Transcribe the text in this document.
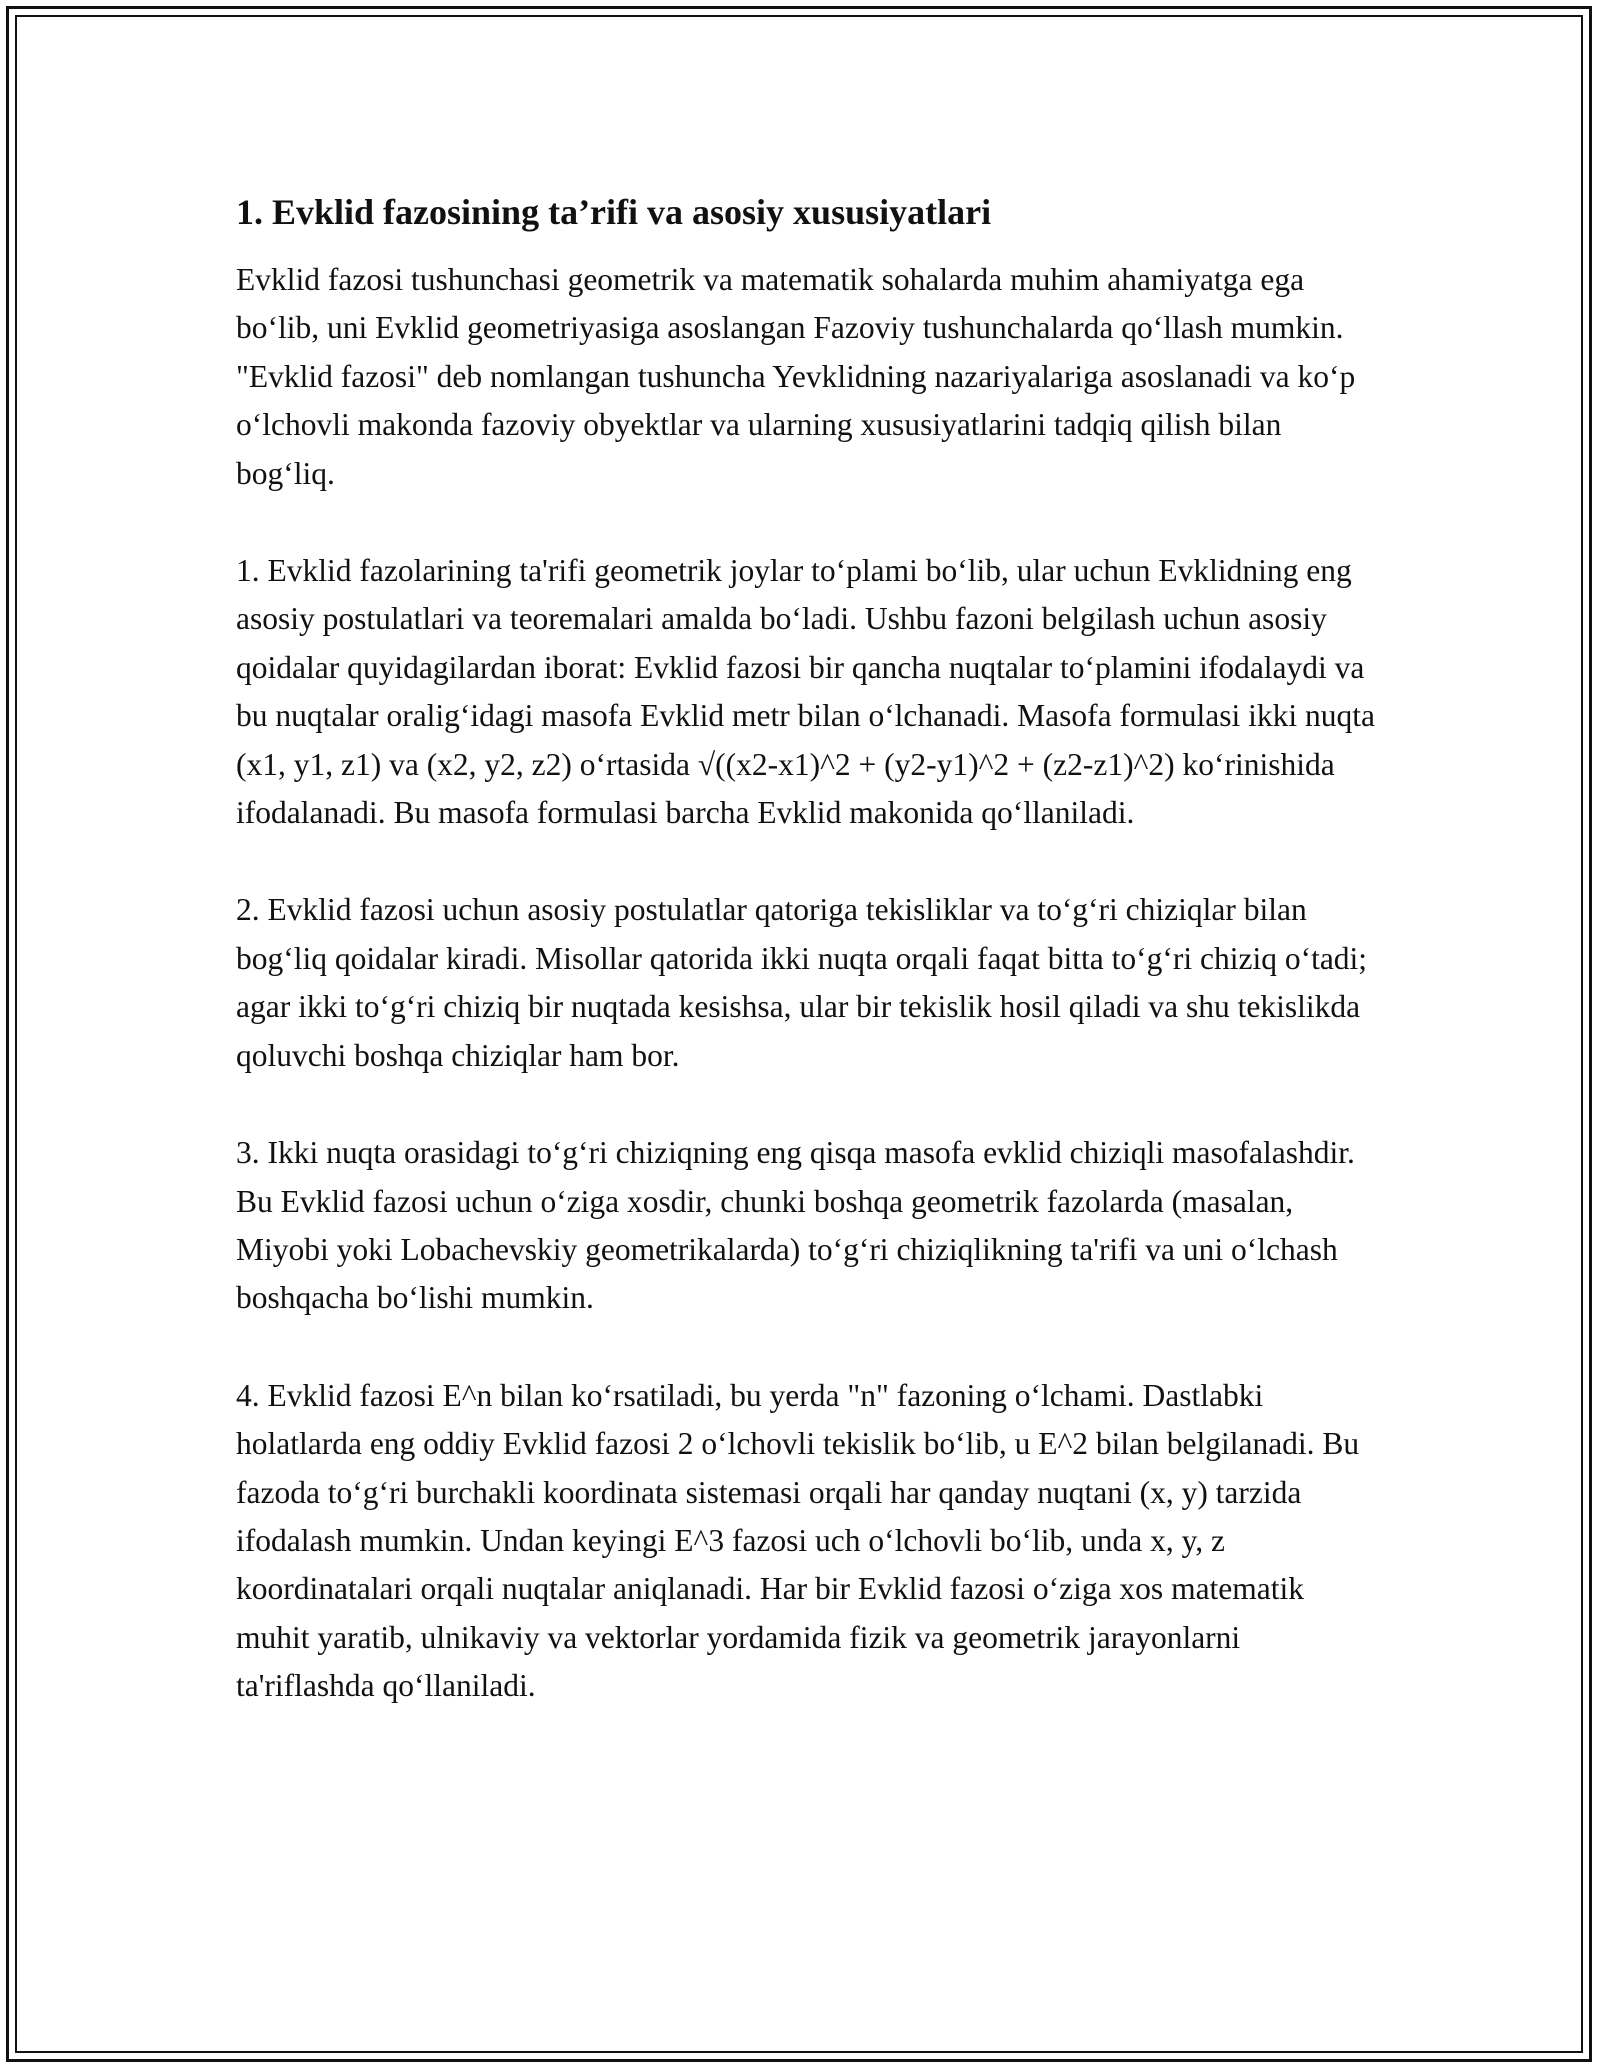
1. Evklid fazosining ta’rifi va asosiy xususiyatlari

Evklid fazosi tushunchasi geometrik va matematik sohalarda muhim ahamiyatga ega bo‘lib, uni Evklid geometriyasiga asoslangan Fazoviy tushunchalarda qo‘llash mumkin. "Evklid fazosi" deb nomlangan tushuncha Yevklidning nazariyalariga asoslanadi va ko‘p o‘lchovli makonda fazoviy obyektlar va ularning xususiyatlarini tadqiq qilish bilan bog‘liq.

1. Evklid fazolarining ta'rifi geometrik joylar to‘plami bo‘lib, ular uchun Evklidning eng asosiy postulatlari va teoremalari amalda bo‘ladi. Ushbu fazoni belgilash uchun asosiy qoidalar quyidagilardan iborat: Evklid fazosi bir qancha nuqtalar to‘plamini ifodalaydi va bu nuqtalar oralig‘idagi masofa Evklid metr bilan o‘lchanadi. Masofa formulasi ikki nuqta (x1, y1, z1) va (x2, y2, z2) o‘rtasida √((x2-x1)^2 + (y2-y1)^2 + (z2-z1)^2) ko‘rinishida ifodalanadi. Bu masofa formulasi barcha Evklid makonida qo‘llaniladi.

2. Evklid fazosi uchun asosiy postulatlar qatoriga tekisliklar va to‘g‘ri chiziqlar bilan bog‘liq qoidalar kiradi. Misollar qatorida ikki nuqta orqali faqat bitta to‘g‘ri chiziq o‘tadi; agar ikki to‘g‘ri chiziq bir nuqtada kesishsa, ular bir tekislik hosil qiladi va shu tekislikda qoluvchi boshqa chiziqlar ham bor.

3. Ikki nuqta orasidagi to‘g‘ri chiziqning eng qisqa masofa evklid chiziqli masofalashdir. Bu Evklid fazosi uchun o‘ziga xosdir, chunki boshqa geometrik fazolarda (masalan, Miyobi yoki Lobachevskiy geometrikalarda) to‘g‘ri chiziqlikning ta'rifi va uni o‘lchash boshqacha bo‘lishi mumkin.

4. Evklid fazosi E^n bilan ko‘rsatiladi, bu yerda "n" fazoning o‘lchami. Dastlabki holatlarda eng oddiy Evklid fazosi 2 o‘lchovli tekislik bo‘lib, u E^2 bilan belgilanadi. Bu fazoda to‘g‘ri burchakli koordinata sistemasi orqali har qanday nuqtani (x, y) tarzida ifodalash mumkin. Undan keyingi E^3 fazosi uch o‘lchovli bo‘lib, unda x, y, z koordinatalari orqali nuqtalar aniqlanadi. Har bir Evklid fazosi o‘ziga xos matematik muhit yaratib, ulnikaviy va vektorlar yordamida fizik va geometrik jarayonlarni ta'riflashda qo‘llaniladi.
